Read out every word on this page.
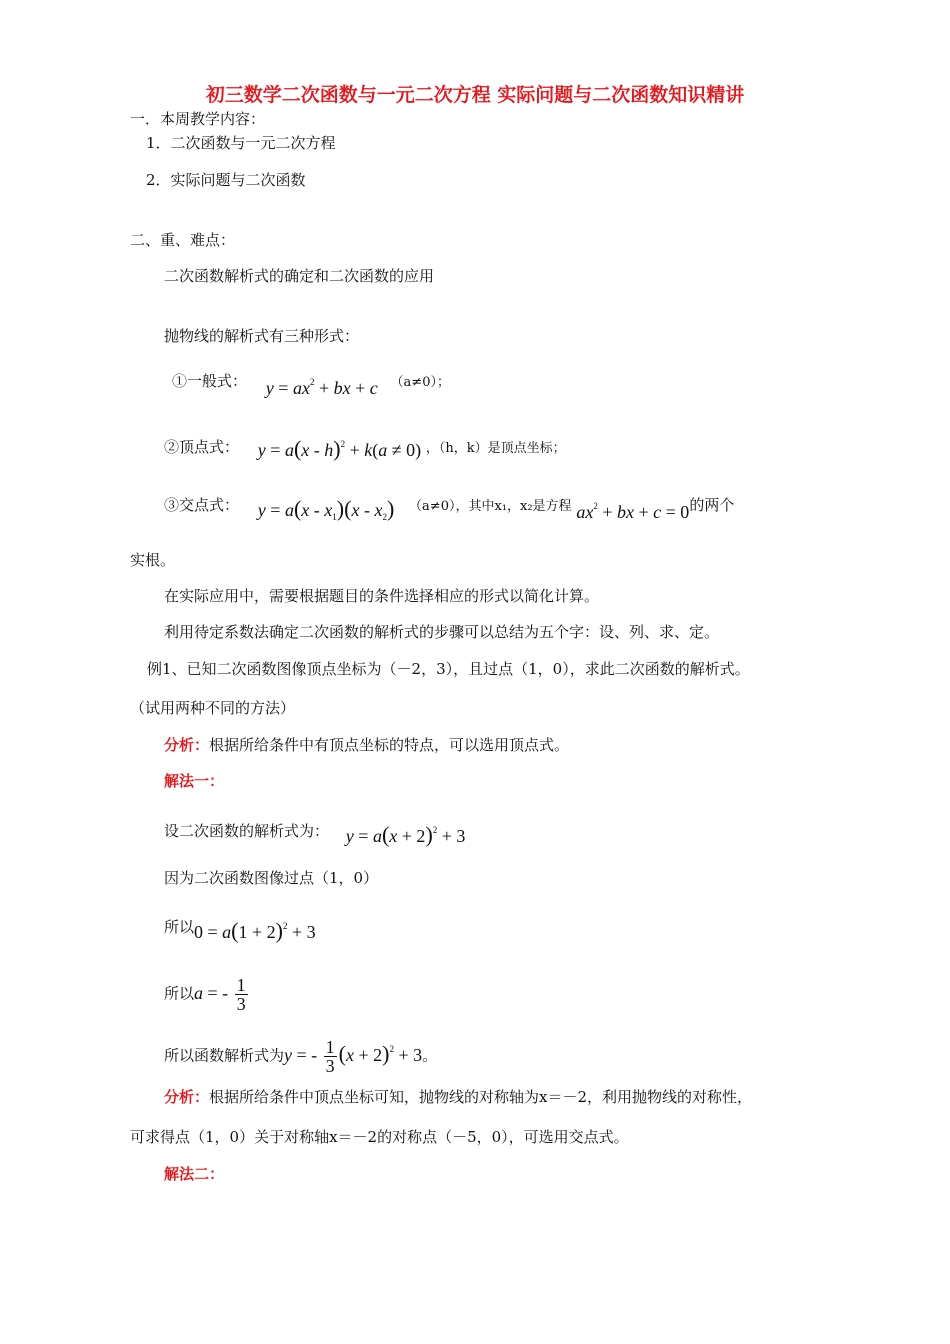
初三数学二次函数与一元二次方程 实际问题与二次函数知识精讲
一．本周教学内容：
1．二次函数与一元二次方程
2．实际问题与二次函数
二、重、难点：
二次函数解析式的确定和二次函数的应用
抛物线的解析式有三种形式：
①一般式： $y = ax^2$ + bx + c （a≠0）；
②顶点式： y = a(x - h)$^2$ + k(a ≠ 0) ，（h，k）是顶点坐标；
③交点式： $y = a(x - x_1)(x - x_2)$ （a≠0），其中x₁，x₂是方程 $ax^2$ + bx + c = 0的两个
实根。
在实际应用中，需要根据题目的条件选择相应的形式以简化计算。
利用待定系数法确定二次函数的解析式的步骤可以总结为五个字：设、列、求、定。
例1、已知二次函数图像顶点坐标为（－2，3），且过点（1，0），求此二次函数的解析式。
（试用两种不同的方法）
分析：根据所给条件中有顶点坐标的特点，可以选用顶点式。
解法一：
设二次函数的解析式为： $y = a(x + 2)^2 + 3$
因为二次函数图像过点（1，0）
所以$0 = a(1 + 2)^2 + 3$
所以a = - $\frac{1}{3}$
所以函数解析式为y = - $\frac{1}{3} (x + 2)^2 + 3$。
分析：根据所给条件中顶点坐标可知，抛物线的对称轴为x＝－2，利用抛物线的对称性，
可求得点（1，0）关于对称轴x＝－2的对称点（－5，0），可选用交点式。
解法二：
